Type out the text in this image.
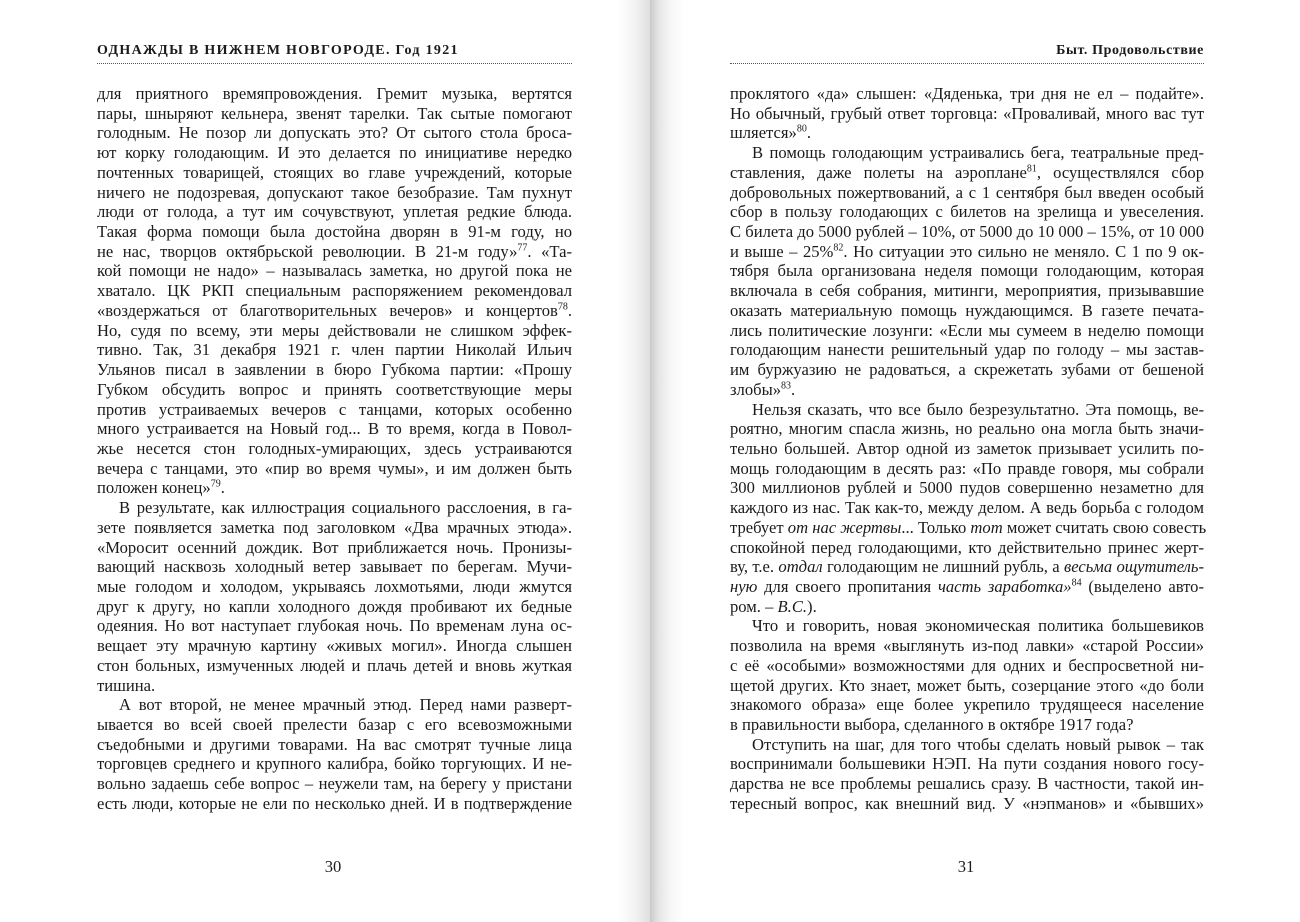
ОДНАЖДЫ В НИЖНЕМ НОВГОРОДЕ. Год 1921
для приятного времяпровождения. Гремит музыка, вертятся
пары, шныряют кельнера, звенят тарелки. Так сытые помогают
голодным. Не позор ли допускать это? От сытого стола броса-
ют корку голодающим. И это делается по инициативе нередко
почтенных товарищей, стоящих во главе учреждений, которые
ничего не подозревая, допускают такое безобразие. Там пухнут
люди от голода, а тут им сочувствуют, уплетая редкие блюда.
Такая форма помощи была достойна дворян в 91-м году, но
не нас, творцов октябрьской революции. В 21-м году»$^{77}$. «Та-
кой помощи не надо» – называлась заметка, но другой пока не
хватало. ЦК РКП специальным распоряжением рекомендовал
«воздержаться от благотворительных вечеров» и концертов$^{78}$.
Но, судя по всему, эти меры действовали не слишком эффек-
тивно. Так, 31 декабря 1921 г. член партии Николай Ильич
Ульянов писал в заявлении в бюро Губкома партии: «Прошу
Губком обсудить вопрос и принять соответствующие меры
против устраиваемых вечеров с танцами, которых особенно
много устраивается на Новый год... В то время, когда в Повол-
жье несется стон голодных-умирающих, здесь устраиваются
вечера с танцами, это «пир во время чумы», и им должен быть
положен конец»$^{79}$.
В результате, как иллюстрация социального расслоения, в га-
зете появляется заметка под заголовком «Два мрачных этюда».
«Моросит осенний дождик. Вот приближается ночь. Пронизы-
вающий насквозь холодный ветер завывает по берегам. Мучи-
мые голодом и холодом, укрываясь лохмотьями, люди жмутся
друг к другу, но капли холодного дождя пробивают их бедные
одеяния. Но вот наступает глубокая ночь. По временам луна ос-
вещает эту мрачную картину «живых могил». Иногда слышен
стон больных, измученных людей и плачь детей и вновь жуткая
тишина.
А вот второй, не менее мрачный этюд. Перед нами разверт-
ывается во всей своей прелести базар с его всевозможными
съедобными и другими товарами. На вас смотрят тучные лица
торговцев среднего и крупного калибра, бойко торгующих. И не-
вольно задаешь себе вопрос – неужели там, на берегу у пристани
есть люди, которые не ели по несколько дней. И в подтверждение
30
Быт. Продовольствие
проклятого «да» слышен: «Дяденька, три дня не ел – подайте».
Но обычный, грубый ответ торговца: «Проваливай, много вас тут
шляется»$^{80}$.
В помощь голодающим устраивались бега, театральные пред-
ставления, даже полеты на аэроплане$^{81}$, осуществлялся сбор
добровольных пожертвований, а с 1 сентября был введен особый
сбор в пользу голодающих с билетов на зрелища и увеселения.
С билета до 5000 рублей – 10%, от 5000 до 10 000 – 15%, от 10 000
и выше – 25%$^{82}$. Но ситуации это сильно не меняло. С 1 по 9 ок-
тября была организована неделя помощи голодающим, которая
включала в себя собрания, митинги, мероприятия, призывавшие
оказать материальную помощь нуждающимся. В газете печата-
лись политические лозунги: «Если мы сумеем в неделю помощи
голодающим нанести решительный удар по голоду – мы застав-
им буржуазию не радоваться, а скрежетать зубами от бешеной
злобы»$^{83}$.
Нельзя сказать, что все было безрезультатно. Эта помощь, ве-
роятно, многим спасла жизнь, но реально она могла быть значи-
тельно большей. Автор одной из заметок призывает усилить по-
мощь голодающим в десять раз: «По правде говоря, мы собрали
300 миллионов рублей и 5000 пудов совершенно незаметно для
каждого из нас. Так как-то, между делом. А ведь борьба с голодом
требует от нас жертвы... Только тот может считать свою совесть
спокойной перед голодающими, кто действительно принес жерт-
ву, т.е. отдал голодающим не лишний рубль, а весьма ощутитель-
ную для своего пропитания часть заработка»$^{84}$ (выделено авто-
ром. – В.С.).
Что и говорить, новая экономическая политика большевиков
позволила на время «выглянуть из-под лавки» «старой России»
с её «особыми» возможностями для одних и беспросветной ни-
щетой других. Кто знает, может быть, созерцание этого «до боли
знакомого образа» еще более укрепило трудящееся население
в правильности выбора, сделанного в октябре 1917 года?
Отступить на шаг, для того чтобы сделать новый рывок – так
воспринимали большевики НЭП. На пути создания нового госу-
дарства не все проблемы решались сразу. В частности, такой ин-
тересный вопрос, как внешний вид. У «нэпманов» и «бывших»
31
